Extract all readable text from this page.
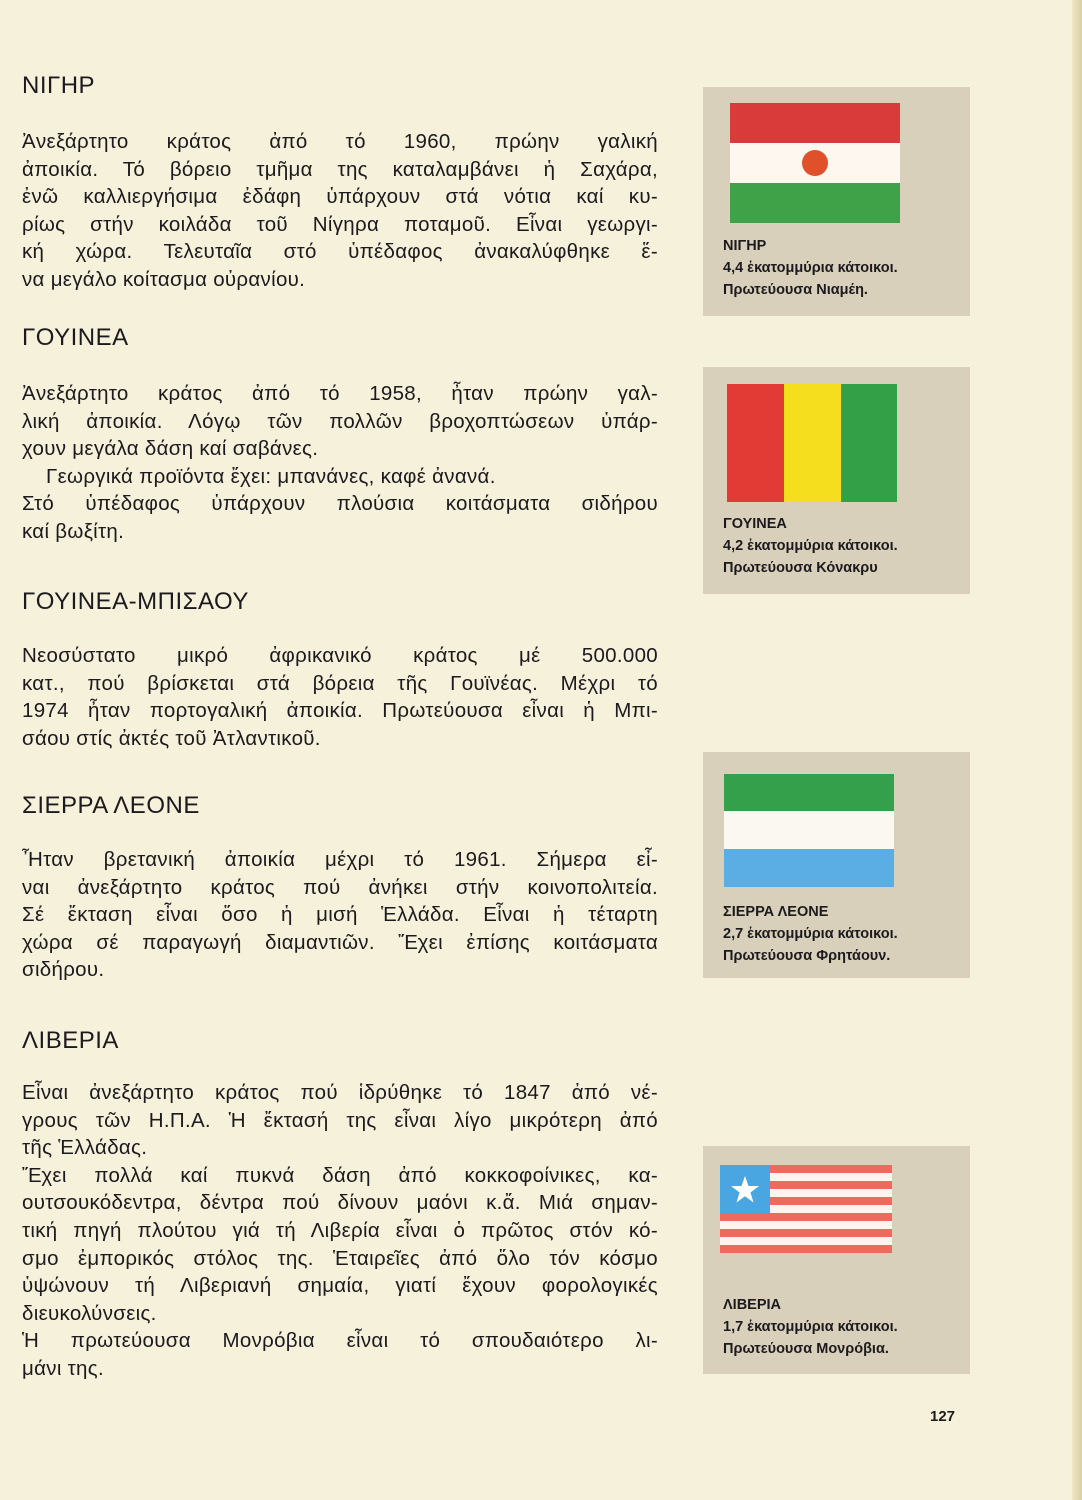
ΝΙΓΗΡ
Ἀνεξάρτητο κράτος ἀπό τό 1960, πρώην γαλική
ἀποικία. Τό βόρειο τμῆμα της καταλαμβάνει ἡ Σαχάρα,
ἐνῶ καλλιεργήσιμα ἐδάφη ὑπάρχουν στά νότια καί κυ-
ρίως στήν κοιλάδα τοῦ Νίγηρα ποταμοῦ. Εἶναι γεωργι-
κή χώρα. Τελευταῖα στό ὑπέδαφος ἀνακαλύφθηκε ἕ-
να μεγάλο κοίτασμα οὐρανίου.
ΓΟΥΙΝΕΑ
Ἀνεξάρτητο κράτος ἀπό τό 1958, ἦταν πρώην γαλ-
λική ἀποικία. Λόγῳ τῶν πολλῶν βροχοπτώσεων ὑπάρ-
χουν μεγάλα δάση καί σαβάνες.
Γεωργικά προϊόντα ἔχει: μπανάνες, καφέ ἀνανά.
Στό ὑπέδαφος ὑπάρχουν πλούσια κοιτάσματα σιδήρου
καί βωξίτη.
ΓΟΥΙΝΕΑ-ΜΠΙΣΑΟΥ
Νεοσύστατο μικρό ἀφρικανικό κράτος μέ 500.000
κατ., πού βρίσκεται στά βόρεια τῆς Γουϊνέας. Μέχρι τό
1974 ἦταν πορτογαλική ἀποικία. Πρωτεύουσα εἶναι ἡ Μπι-
σάου στίς ἀκτές τοῦ Ἀτλαντικοῦ.
ΣΙΕΡΡΑ ΛΕΟΝΕ
Ἦταν βρετανική ἀποικία μέχρι τό 1961. Σήμερα εἶ-
ναι ἀνεξάρτητο κράτος πού ἀνήκει στήν κοινοπολιτεία.
Σέ ἔκταση εἶναι ὅσο ἡ μισή Ἑλλάδα. Εἶναι ἡ τέταρτη
χώρα σέ παραγωγή διαμαντιῶν. Ἔχει ἐπίσης κοιτάσματα
σιδήρου.
ΛΙΒΕΡΙΑ
Εἶναι ἀνεξάρτητο κράτος πού ἱδρύθηκε τό 1847 ἀπό νέ-
γρους τῶν Η.Π.Α. Ἡ ἔκτασή της εἶναι λίγο μικρότερη ἀπό
τῆς Ἑλλάδας.
Ἔχει πολλά καί πυκνά δάση ἀπό κοκκοφοίνικες, κα-
ουτσουκόδεντρα, δέντρα πού δίνουν μαόνι κ.ἄ. Μιά σημαν-
τική πηγή πλούτου γιά τή Λιβερία εἶναι ὁ πρῶτος στόν κό-
σμο ἐμπορικός στόλος της. Ἑταιρεῖες ἀπό ὅλο τόν κόσμο
ὑψώνουν τή Λιβεριανή σημαία, γιατί ἔχουν φορολογικές
διευκολύνσεις.
Ἡ πρωτεύουσα Μονρόβια εἶναι τό σπουδαιότερο λι-
μάνι της.
ΝΙΓΗΡ
4,4 ἑκατομμύρια κάτοικοι.
Πρωτεύουσα Νιαμέη.
ΓΟΥΙΝΕΑ
4,2 ἑκατομμύρια κάτοικοι.
Πρωτεύουσα Κόνακρυ
ΣΙΕΡΡΑ ΛΕΟΝΕ
2,7 ἑκατομμύρια κάτοικοι.
Πρωτεύουσα Φρητάουν.
ΛΙΒΕΡΙΑ
1,7 ἑκατομμύρια κάτοικοι.
Πρωτεύουσα Μονρόβια.
127
